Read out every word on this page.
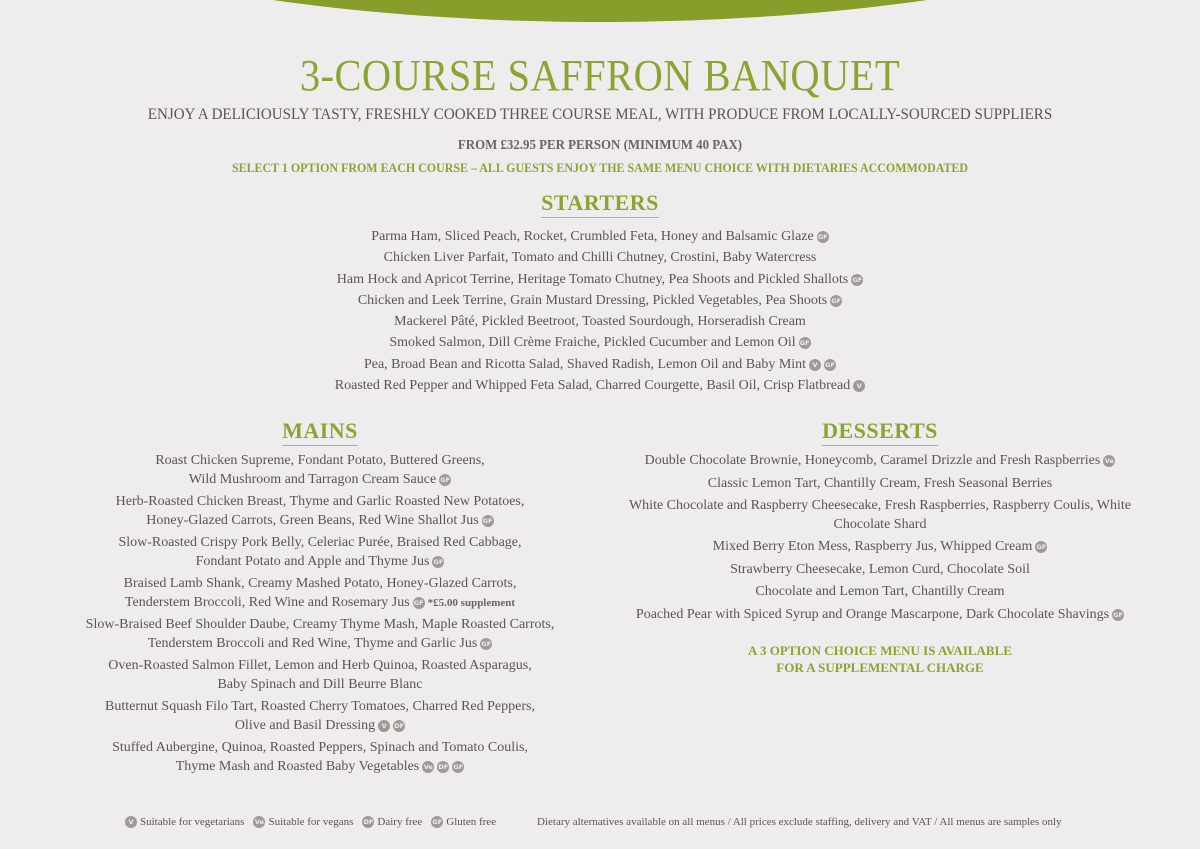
3-COURSE SAFFRON BANQUET
ENJOY A DELICIOUSLY TASTY, FRESHLY COOKED THREE COURSE MEAL, WITH PRODUCE FROM LOCALLY-SOURCED SUPPLIERS
FROM £32.95 PER PERSON (MINIMUM 40 PAX)
SELECT 1 OPTION FROM EACH COURSE – ALL GUESTS ENJOY THE SAME MENU CHOICE WITH DIETARIES ACCOMMODATED
STARTERS
Parma Ham, Sliced Peach, Rocket, Crumbled Feta, Honey and Balsamic Glaze GF
Chicken Liver Parfait, Tomato and Chilli Chutney, Crostini, Baby Watercress
Ham Hock and Apricot Terrine, Heritage Tomato Chutney, Pea Shoots and Pickled Shallots GF
Chicken and Leek Terrine, Grain Mustard Dressing, Pickled Vegetables, Pea Shoots GF
Mackerel Pâté, Pickled Beetroot, Toasted Sourdough, Horseradish Cream
Smoked Salmon, Dill Crème Fraiche, Pickled Cucumber and Lemon Oil GF
Pea, Broad Bean and Ricotta Salad, Shaved Radish, Lemon Oil and Baby Mint V GF
Roasted Red Pepper and Whipped Feta Salad, Charred Courgette, Basil Oil, Crisp Flatbread V
MAINS
Roast Chicken Supreme, Fondant Potato, Buttered Greens,
Wild Mushroom and Tarragon Cream Sauce GF
Herb-Roasted Chicken Breast, Thyme and Garlic Roasted New Potatoes,
Honey-Glazed Carrots, Green Beans, Red Wine Shallot Jus GF
Slow-Roasted Crispy Pork Belly, Celeriac Purée, Braised Red Cabbage,
Fondant Potato and Apple and Thyme Jus GF
Braised Lamb Shank, Creamy Mashed Potato, Honey-Glazed Carrots,
Tenderstem Broccoli, Red Wine and Rosemary Jus GF *£5.00 supplement
Slow-Braised Beef Shoulder Daube, Creamy Thyme Mash, Maple Roasted Carrots,
Tenderstem Broccoli and Red Wine, Thyme and Garlic Jus GF
Oven-Roasted Salmon Fillet, Lemon and Herb Quinoa, Roasted Asparagus,
Baby Spinach and Dill Beurre Blanc
Butternut Squash Filo Tart, Roasted Cherry Tomatoes, Charred Red Peppers,
Olive and Basil Dressing V DF
Stuffed Aubergine, Quinoa, Roasted Peppers, Spinach and Tomato Coulis,
Thyme Mash and Roasted Baby Vegetables Ve DF GF
DESSERTS
Double Chocolate Brownie, Honeycomb, Caramel Drizzle and Fresh Raspberries Ve
Classic Lemon Tart, Chantilly Cream, Fresh Seasonal Berries
White Chocolate and Raspberry Cheesecake, Fresh Raspberries, Raspberry Coulis, White
Chocolate Shard
Mixed Berry Eton Mess, Raspberry Jus, Whipped Cream GF
Strawberry Cheesecake, Lemon Curd, Chocolate Soil
Chocolate and Lemon Tart, Chantilly Cream
Poached Pear with Spiced Syrup and Orange Mascarpone, Dark Chocolate Shavings GF
A 3 OPTION CHOICE MENU IS AVAILABLE
FOR A SUPPLEMENTAL CHARGE
V Suitable for vegetarians Ve Suitable for vegans DF Dairy free GF Gluten free	Dietary alternatives available on all menus / All prices exclude staffing, delivery and VAT / All menus are samples only
